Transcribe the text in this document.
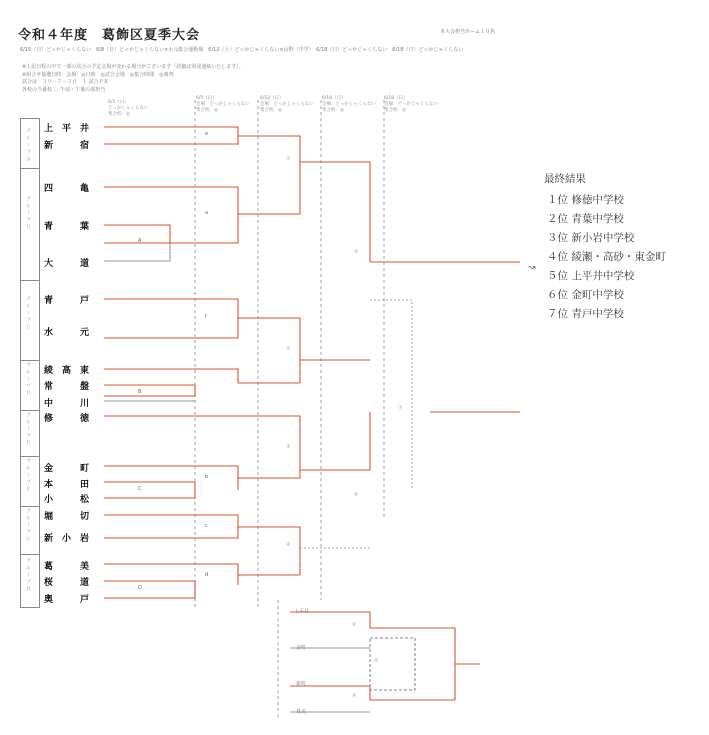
令和４年度　葛飾区夏季大会	本大会担当ホーム１０名
6/15（日）どっかじゃくらない　6/8（日）どっかじゃくらない×水元総合運動場　6/12（土）どっかじゃくらない×山野（中学）　6/18（日）どっかじゃくらない　6/18（日）どっかじゃくらない
※上記日程の中で一部の試合の予定会場が変わる場合がございます（詳細は別途連絡いたします）。
※組合せ抽選日時　会場：◎日時　◎試合会場　◎集合時間　◎審判
試合は　３９－７－３０　１ 試合ＰＫ
各校の当番校 … 午前・午後の部担当
6/5（日）
どっかじゃくらない
集合校：◎
6/5（日）
会場：どっかじゃくらない
集合校：◎
6/12（日）
会場：どっかじゃくらない
集合校：◎
6/18（日）
会場：どっかじゃくらない
集合校：◎
6/18（日）
会場：どっかじゃくらない
集合校：◎
グループＡ
グループＢ
グループＣ
グループＤ
グループＥ
グループＦ
グループＧ
グループＨ
上　平　井
新　　　宿
四　　　亀
青　　　葉
大　　　道
青　　　戸
水　　　元
綾　高　東
常　　　盤
中　　　川
修　　　徳
金　　　町
本　　　田
小　　　松
堀　　　切
新　小　岩
葛　　　美
桜　　　道
奥　　　戸
e
a
A
f
B
b
C
c
d
D
①
②
③
④
⑤
⑥
⑦
⑧
⑨
⑩
上平井
金町
新町
葛美
↝
最終結果
１位 修徳中学校
２位 青葉中学校
３位 新小岩中学校
４位 綾瀬・高砂・東金町
５位 上平井中学校
６位 金町中学校
７位 青戸中学校
